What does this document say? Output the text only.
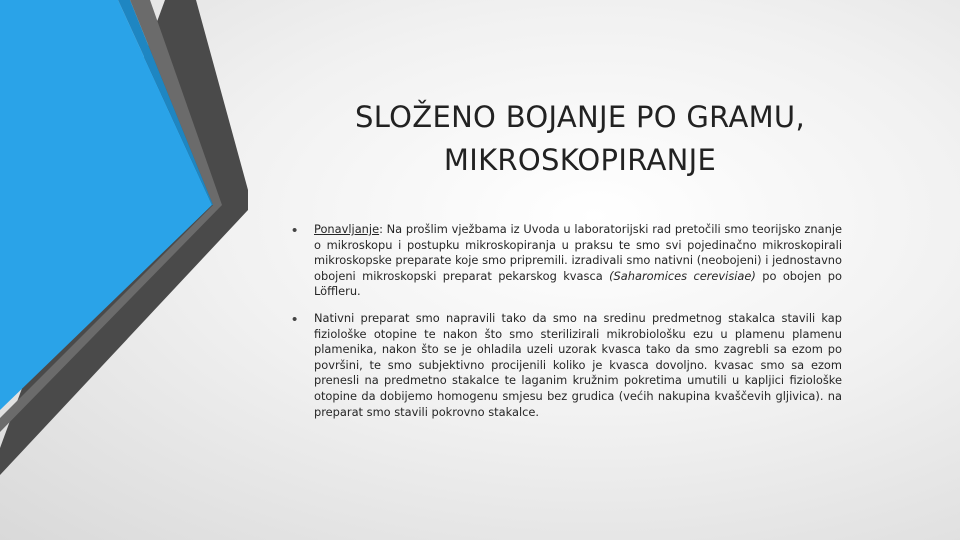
SLOŽENO BOJANJE PO GRAMU,
MIKROSKOPIRANJE
• Ponavljanje: Na prošlim vježbama iz Uvoda u laboratorijski rad pretočili smo teorijsko znanje o mikroskopu i postupku mikroskopiranja u praksu te smo svi pojedinačno mikroskopirali mikroskopske preparate koje smo pripremili. izradivali smo nativni (neobojeni) i jednostavno obojeni mikroskopski preparat pekarskog kvasca (Saharomices cerevisiae) po obojen po Löffleru.

• Nativni preparat smo napravili tako da smo na sredinu predmetnog stakalca stavili kap fiziološke otopine te nakon što smo sterilizirali mikrobiološku ezu u plamenu plamenu plamenika, nakon što se je ohladila uzeli uzorak kvasca tako da smo zagrebli sa ezom po površini, te smo subjektivno procijenili koliko je kvasca dovoljno. kvasac smo sa ezom prenesli na predmetno stakalce te laganim kružnim pokretima umutili u kapljici fiziološke otopine da dobijemo homogenu smjesu bez grudica (većih nakupina kvaščevih gljivica). na preparat smo stavili pokrovno stakalce.
